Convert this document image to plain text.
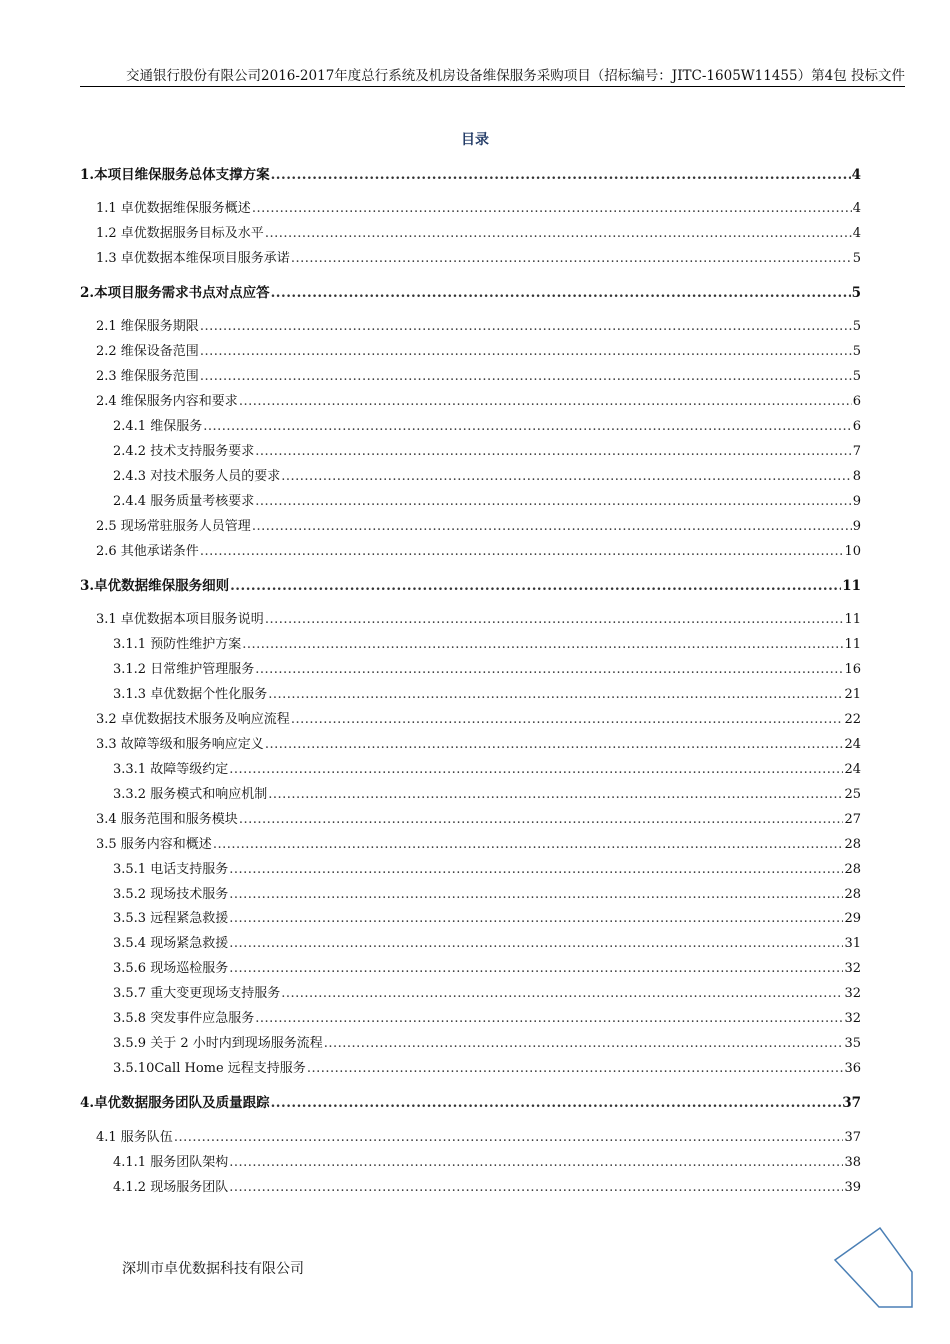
交通银行股份有限公司2016-2017年度总行系统及机房设备维保服务采购项目（招标编号：JITC-1605W11455）第4包 投标文件
目录
1.本项目维保服务总体支撑方案 .....	4
1.1 卓优数据维保服务概述 .....	4
1.2 卓优数据服务目标及水平 .....	4
1.3 卓优数据本维保项目服务承诺 .....	5
2.本项目服务需求书点对点应答 .....	5
2.1 维保服务期限 .....	5
2.2 维保设备范围 .....	5
2.3 维保服务范围 .....	5
2.4 维保服务内容和要求 .....	6
2.4.1 维保服务 .....	6
2.4.2 技术支持服务要求 .....	7
2.4.3 对技术服务人员的要求 .....	8
2.4.4 服务质量考核要求 .....	9
2.5 现场常驻服务人员管理 .....	9
2.6 其他承诺条件 .....	10
3.卓优数据维保服务细则 .....	11
3.1 卓优数据本项目服务说明 .....	11
3.1.1 预防性维护方案 .....	11
3.1.2 日常维护管理服务 .....	16
3.1.3 卓优数据个性化服务 .....	21
3.2 卓优数据技术服务及响应流程 .....	22
3.3 故障等级和服务响应定义 .....	24
3.3.1 故障等级约定 .....	24
3.3.2 服务模式和响应机制 .....	25
3.4 服务范围和服务模块 .....	27
3.5 服务内容和概述 .....	28
3.5.1 电话支持服务 .....	28
3.5.2 现场技术服务 .....	28
3.5.3 远程紧急救援 .....	29
3.5.4 现场紧急救援 .....	31
3.5.6 现场巡检服务 .....	32
3.5.7 重大变更现场支持服务 .....	32
3.5.8 突发事件应急服务 .....	32
3.5.9 关于 2 小时内到现场服务流程 .....	35
3.5.10Call Home 远程支持服务 .....	36
4.卓优数据服务团队及质量跟踪 .....	37
4.1 服务队伍 .....	37
4.1.1 服务团队架构 .....	38
4.1.2 现场服务团队 .....	39
深圳市卓优数据科技有限公司
